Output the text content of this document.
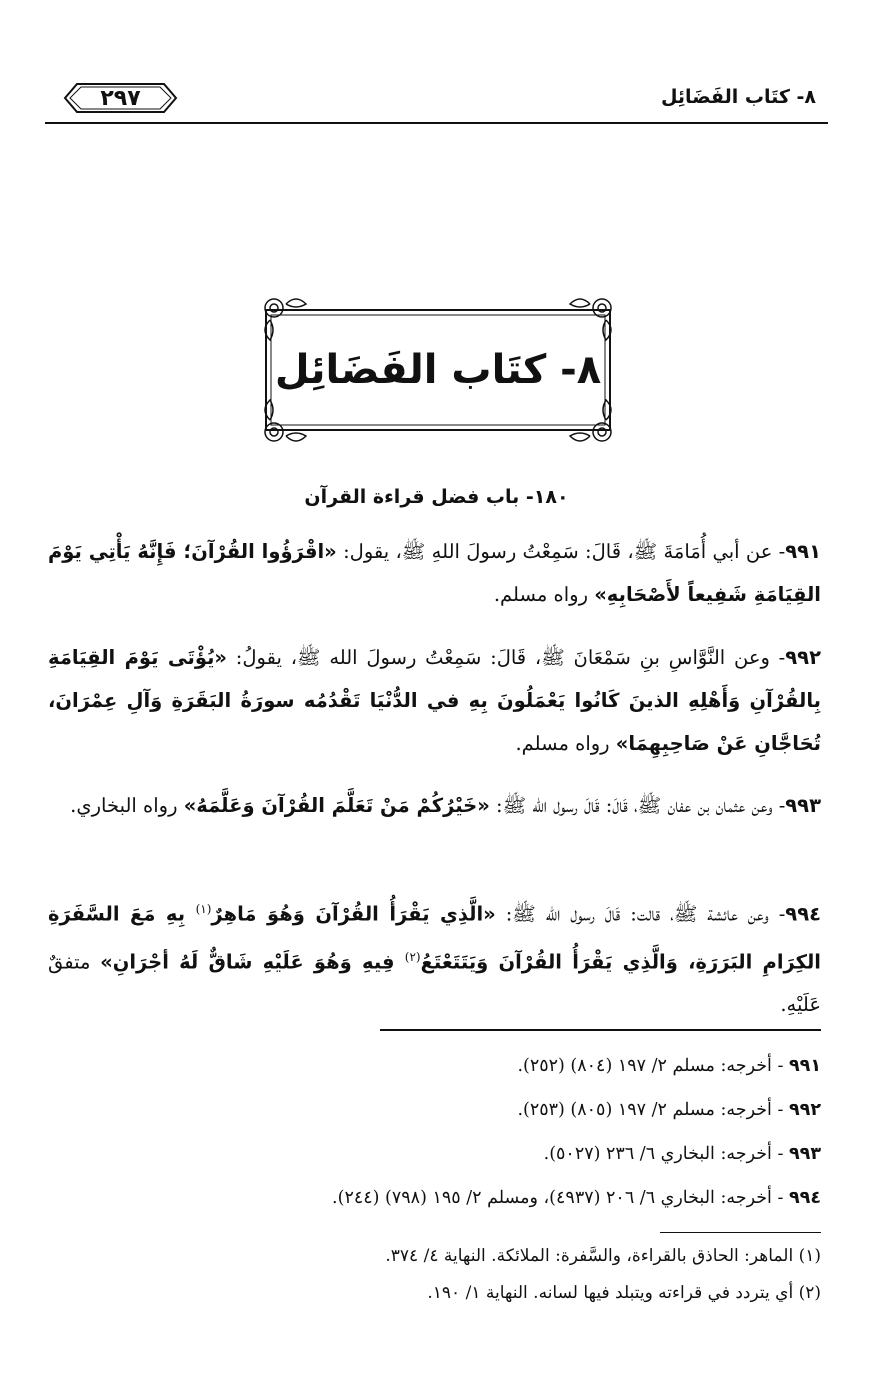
٢٩٧	٨- كتَاب الفَضَائِل
٨- كتَاب الفَضَائِل
١٨٠- باب فضل قراءة القرآن
٩٩١- عن أبي أُمَامَةَ ﷺ، قَالَ: سَمِعْتُ رسولَ اللهِ ﷺ، يقول: «اقْرَؤُوا القُرْآنَ؛ فَإِنَّهُ يَأْتِي يَوْمَ القِيَامَةِ شَفِيعاً لأَصْحَابِهِ» رواه مسلم.
٩٩٢- وعن النَّوَّاسِ بنِ سَمْعَانَ ﷺ، قَالَ: سَمِعْتُ رسولَ الله ﷺ، يقولُ: «يُؤْتَى يَوْمَ القِيَامَةِ بِالقُرْآنِ وَأَهْلِهِ الذينَ كَانُوا يَعْمَلُونَ بِهِ في الدُّنْيَا تَقْدُمُه سورَةُ البَقَرَةِ وَآلِ عِمْرَانَ، تُحَاجَّانِ عَنْ صَاحِبِهِمَا» رواه مسلم.
٩٩٣- وعن عثمان بن عفان ﷺ، قَالَ: قَالَ رسول الله ﷺ: «خَيْرُكُمْ مَنْ تَعَلَّمَ القُرْآنَ وَعَلَّمَهُ» رواه البخاري.
٩٩٤- وعن عائشة ﷺ، قالت: قَالَ رسول الله ﷺ: «الَّذِي يَقْرَأُ القُرْآنَ وَهُوَ مَاهِرٌ$^{(١)}$ بِهِ مَعَ السَّفَرَةِ الكِرَامِ البَرَرَةِ، وَالَّذِي يَقْرَأُ القُرْآنَ وَيَتَتَعْتَعُ$^{(٢)}$ فِيهِ وَهُوَ عَلَيْهِ شَاقٌّ لَهُ أجْرَانِ» متفقٌ عَلَيْهِ.
٩٩١ - أخرجه: مسلم ٢/ ١٩٧ (٨٠٤) (٢٥٢).
٩٩٢ - أخرجه: مسلم ٢/ ١٩٧ (٨٠٥) (٢٥٣).
٩٩٣ - أخرجه: البخاري ٦/ ٢٣٦ (٥٠٢٧).
٩٩٤ - أخرجه: البخاري ٦/ ٢٠٦ (٤٩٣٧)، ومسلم ٢/ ١٩٥ (٧٩٨) (٢٤٤).
(١) الماهر: الحاذق بالقراءة، والسَّفرة: الملائكة. النهاية ٤/ ٣٧٤.
(٢) أي يتردد في قراءته ويتبلد فيها لسانه. النهاية ١/ ١٩٠.
